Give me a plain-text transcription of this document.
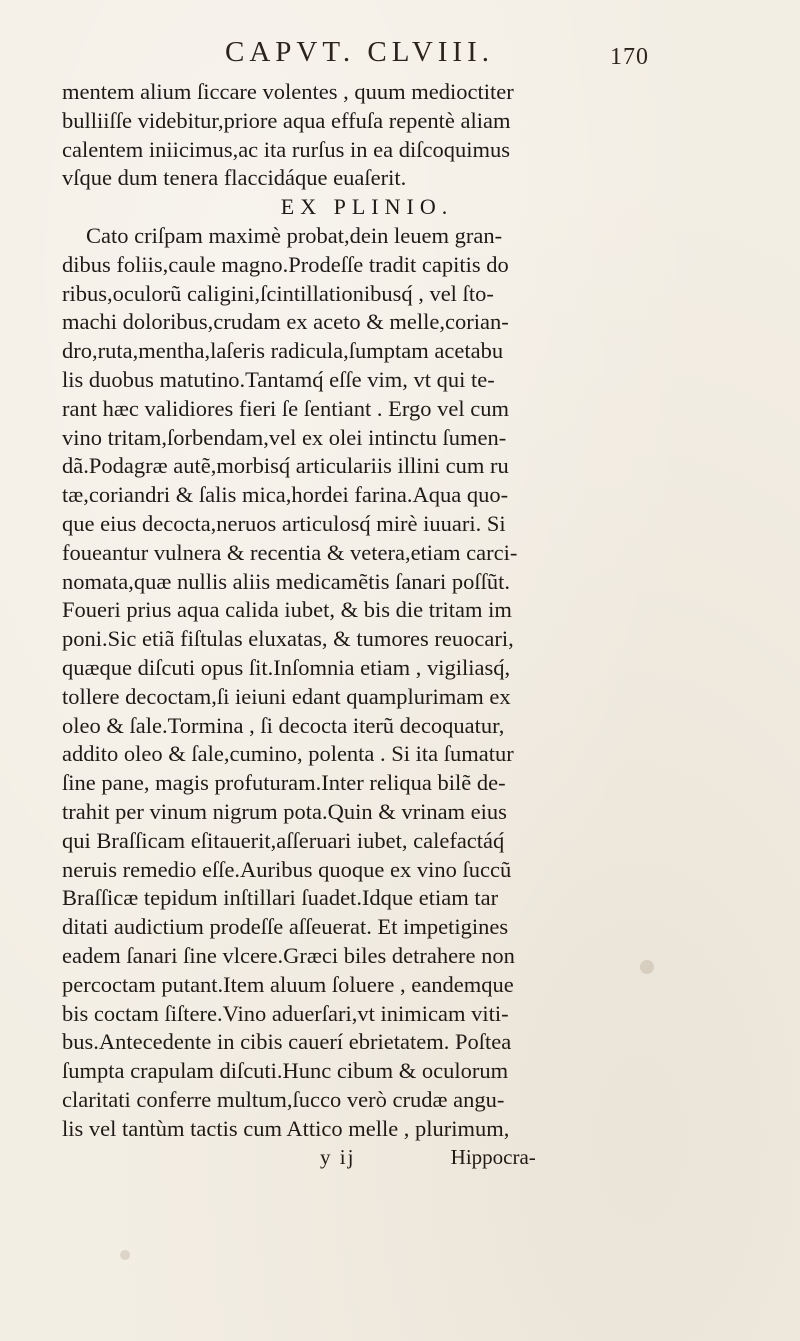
CAPVT. CLVIII.	170
mentem alium ſiccare volentes , quum medioctiter
bulliiſſe videbitur,priore aqua effuſa repentè aliam
calentem iniicimus,ac ita rurſus in ea diſcoquimus
vſque dum tenera flaccidáque euaſerit.
EX PLINIO.
Cato criſpam maximè probat,dein leuem gran-
dibus foliis,caule magno.Prodeſſe tradit capitis do
ribus,oculorũ caligini,ſcintillationibusq́ , vel ſto-
machi doloribus,crudam ex aceto & melle,corian-
dro,ruta,mentha,laſeris radicula,ſumptam acetabu
lis duobus matutino.Tantamq́ eſſe vim, vt qui te-
rant hæc validiores fieri ſe ſentiant . Ergo vel cum
vino tritam,ſorbendam,vel ex olei intinctu ſumen-
dã.Podagræ autẽ,morbisq́ articulariis illini cum ru
tæ,coriandri & ſalis mica,hordei farina.Aqua quo-
que eius decocta,neruos articulosq́ mirè iuuari. Si
foueantur vulnera & recentia & vetera,etiam carci-
nomata,quæ nullis aliis medicamẽtis ſanari poſſũt.
Foueri prius aqua calida iubet, & bis die tritam im
poni.Sic etiã fiſtulas eluxatas, & tumores reuocari,
quæque diſcuti opus ſit.Inſomnia etiam , vigiliasq́,
tollere decoctam,ſi ieiuni edant quamplurimam ex
oleo & ſale.Tormina , ſi decocta iterũ decoquatur,
addito oleo & ſale,cumino, polenta . Si ita ſumatur
ſine pane, magis profuturam.Inter reliqua bilẽ de-
trahit per vinum nigrum pota.Quin & vrinam eius
qui Braſſicam eſitauerit,aſſeruari iubet, calefactáq́
neruis remedio eſſe.Auribus quoque ex vino ſuccũ
Braſſicæ tepidum inſtillari ſuadet.Idque etiam tar
ditati audictium prodeſſe aſſeuerat. Et impetigines
eadem ſanari ſine vlcere.Græci biles detrahere non
percoctam putant.Item aluum ſoluere , eandemque
bis coctam ſiſtere.Vino aduerſari,vt inimicam viti-
bus.Antecedente in cibis cauerí ebrietatem. Poſtea
ſumpta crapulam diſcuti.Hunc cibum & oculorum
claritati conferre multum,ſucco verò crudæ angu-
lis vel tantùm tactis cum Attico melle , plurimum,
y ij	Hippocra-
